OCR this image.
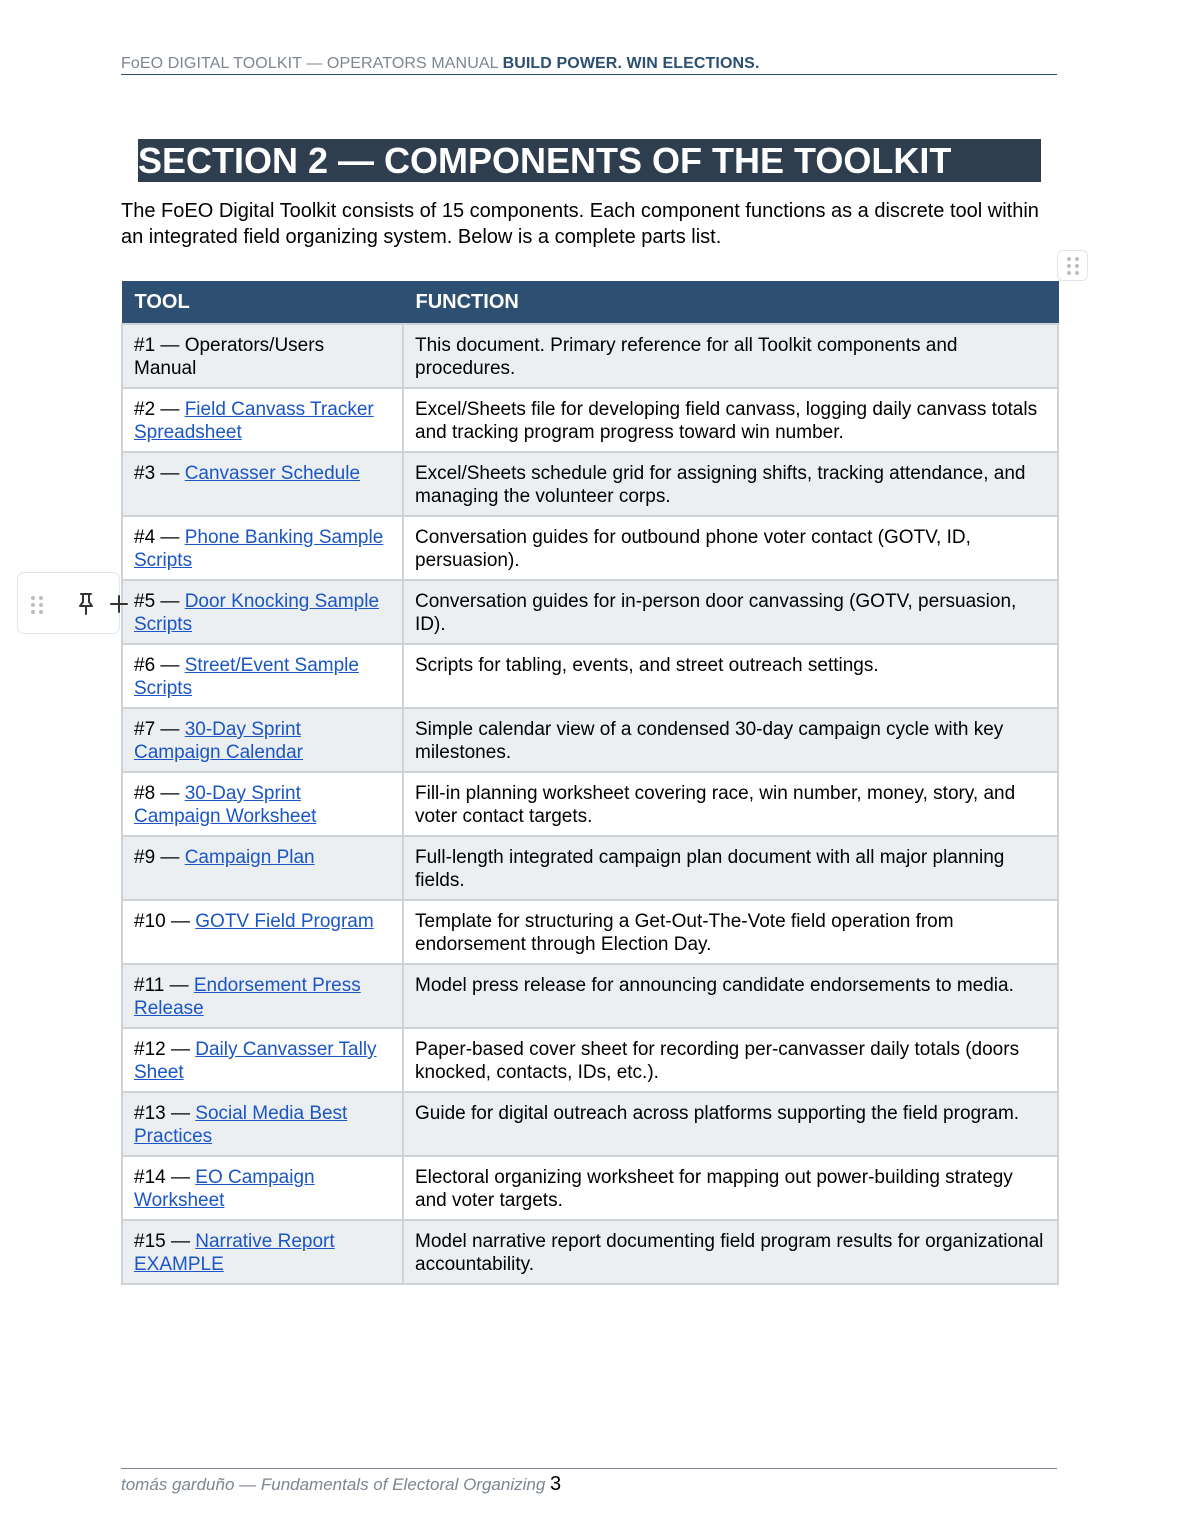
FoEO DIGITAL TOOLKIT — OPERATORS MANUAL BUILD POWER. WIN ELECTIONS.
SECTION 2 — COMPONENTS OF THE TOOLKIT
The FoEO Digital Toolkit consists of 15 components. Each component functions as a discrete tool within an integrated field organizing system. Below is a complete parts list.
TOOL	FUNCTION
#1 — Operators/Users Manual	This document. Primary reference for all Toolkit components and procedures.
#2 — Field Canvass Tracker Spreadsheet	Excel/Sheets file for developing field canvass, logging daily canvass totals and tracking program progress toward win number.
#3 — Canvasser Schedule	Excel/Sheets schedule grid for assigning shifts, tracking attendance, and managing the volunteer corps.
#4 — Phone Banking Sample Scripts	Conversation guides for outbound phone voter contact (GOTV, ID, persuasion).
#5 — Door Knocking Sample Scripts	Conversation guides for in-person door canvassing (GOTV, persuasion, ID).
#6 — Street/Event Sample Scripts	Scripts for tabling, events, and street outreach settings.
#7 — 30-Day Sprint Campaign Calendar	Simple calendar view of a condensed 30-day campaign cycle with key milestones.
#8 — 30-Day Sprint Campaign Worksheet	Fill-in planning worksheet covering race, win number, money, story, and voter contact targets.
#9 — Campaign Plan	Full-length integrated campaign plan document with all major planning fields.
#10 — GOTV Field Program	Template for structuring a Get-Out-The-Vote field operation from endorsement through Election Day.
#11 — Endorsement Press Release	Model press release for announcing candidate endorsements to media.
#12 — Daily Canvasser Tally Sheet	Paper-based cover sheet for recording per-canvasser daily totals (doors knocked, contacts, IDs, etc.).
#13 — Social Media Best Practices	Guide for digital outreach across platforms supporting the field program.
#14 — EO Campaign Worksheet	Electoral organizing worksheet for mapping out power-building strategy and voter targets.
#15 — Narrative Report EXAMPLE	Model narrative report documenting field program results for organizational accountability.
tomás garduño — Fundamentals of Electoral Organizing 3
